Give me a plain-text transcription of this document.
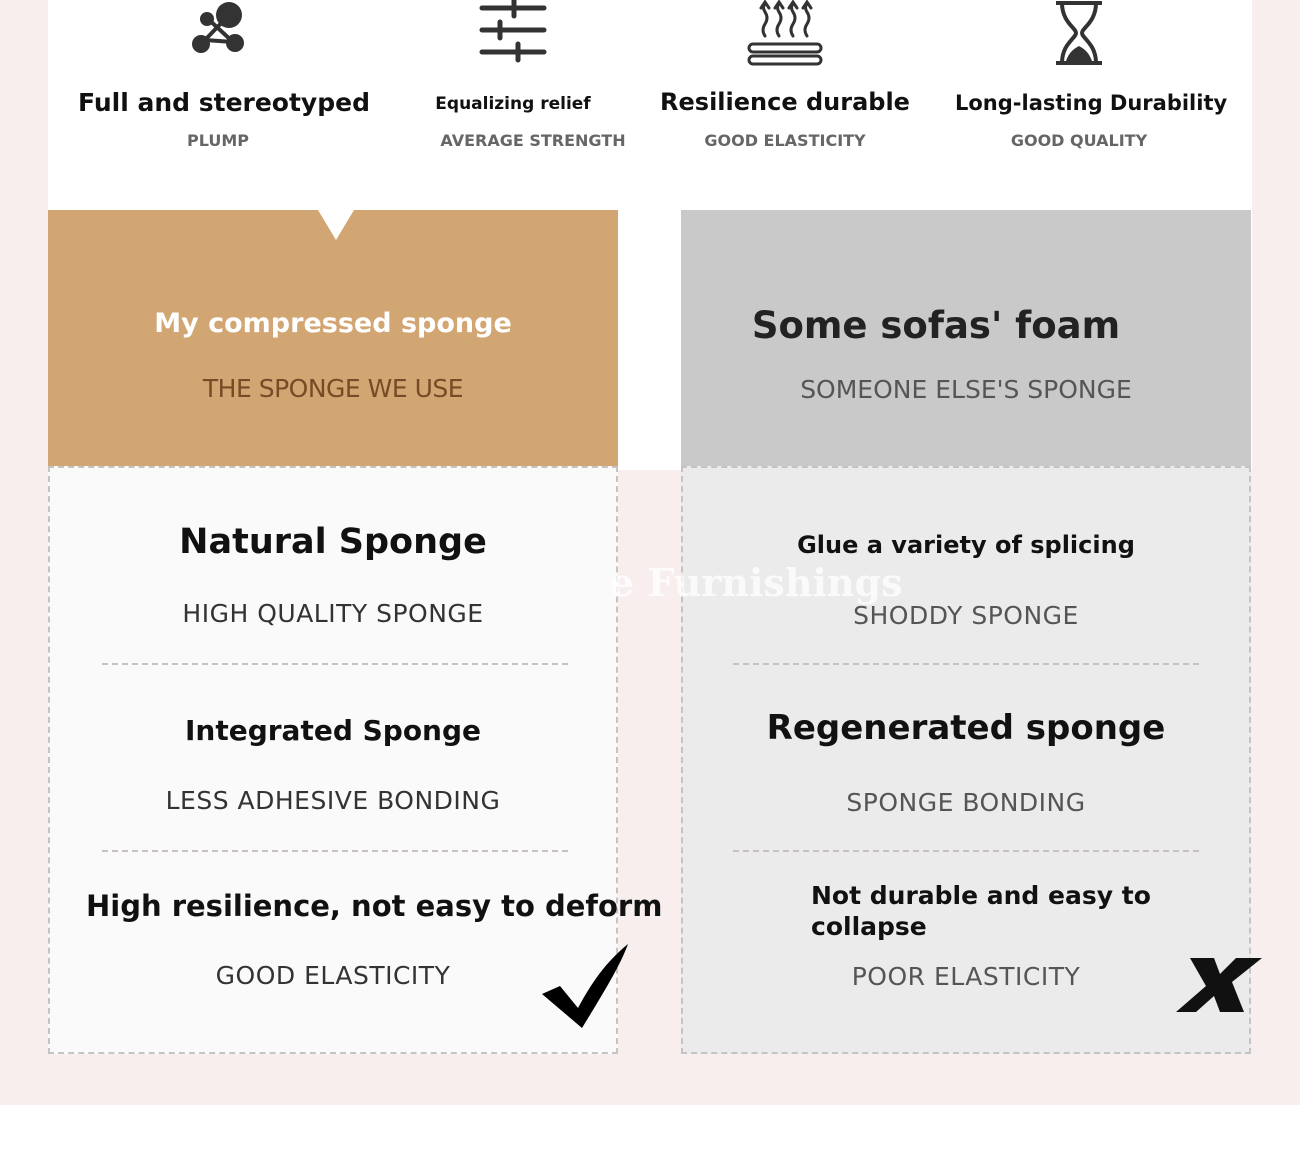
Full and stereotyped
PLUMP
Equalizing relief
AVERAGE STRENGTH
Resilience durable
GOOD ELASTICITY
Long-lasting Durability
GOOD QUALITY
My compressed sponge
THE SPONGE WE USE
Some sofas' foam
SOMEONE ELSE'S SPONGE
Natural Sponge
HIGH QUALITY SPONGE
Integrated Sponge
LESS ADHESIVE BONDING
High resilience, not easy to deform
GOOD ELASTICITY
Glue a variety of splicing
SHODDY SPONGE
Regenerated sponge
SPONGE BONDING
Not durable and easy to collapse
POOR ELASTICITY
e Furnishings
